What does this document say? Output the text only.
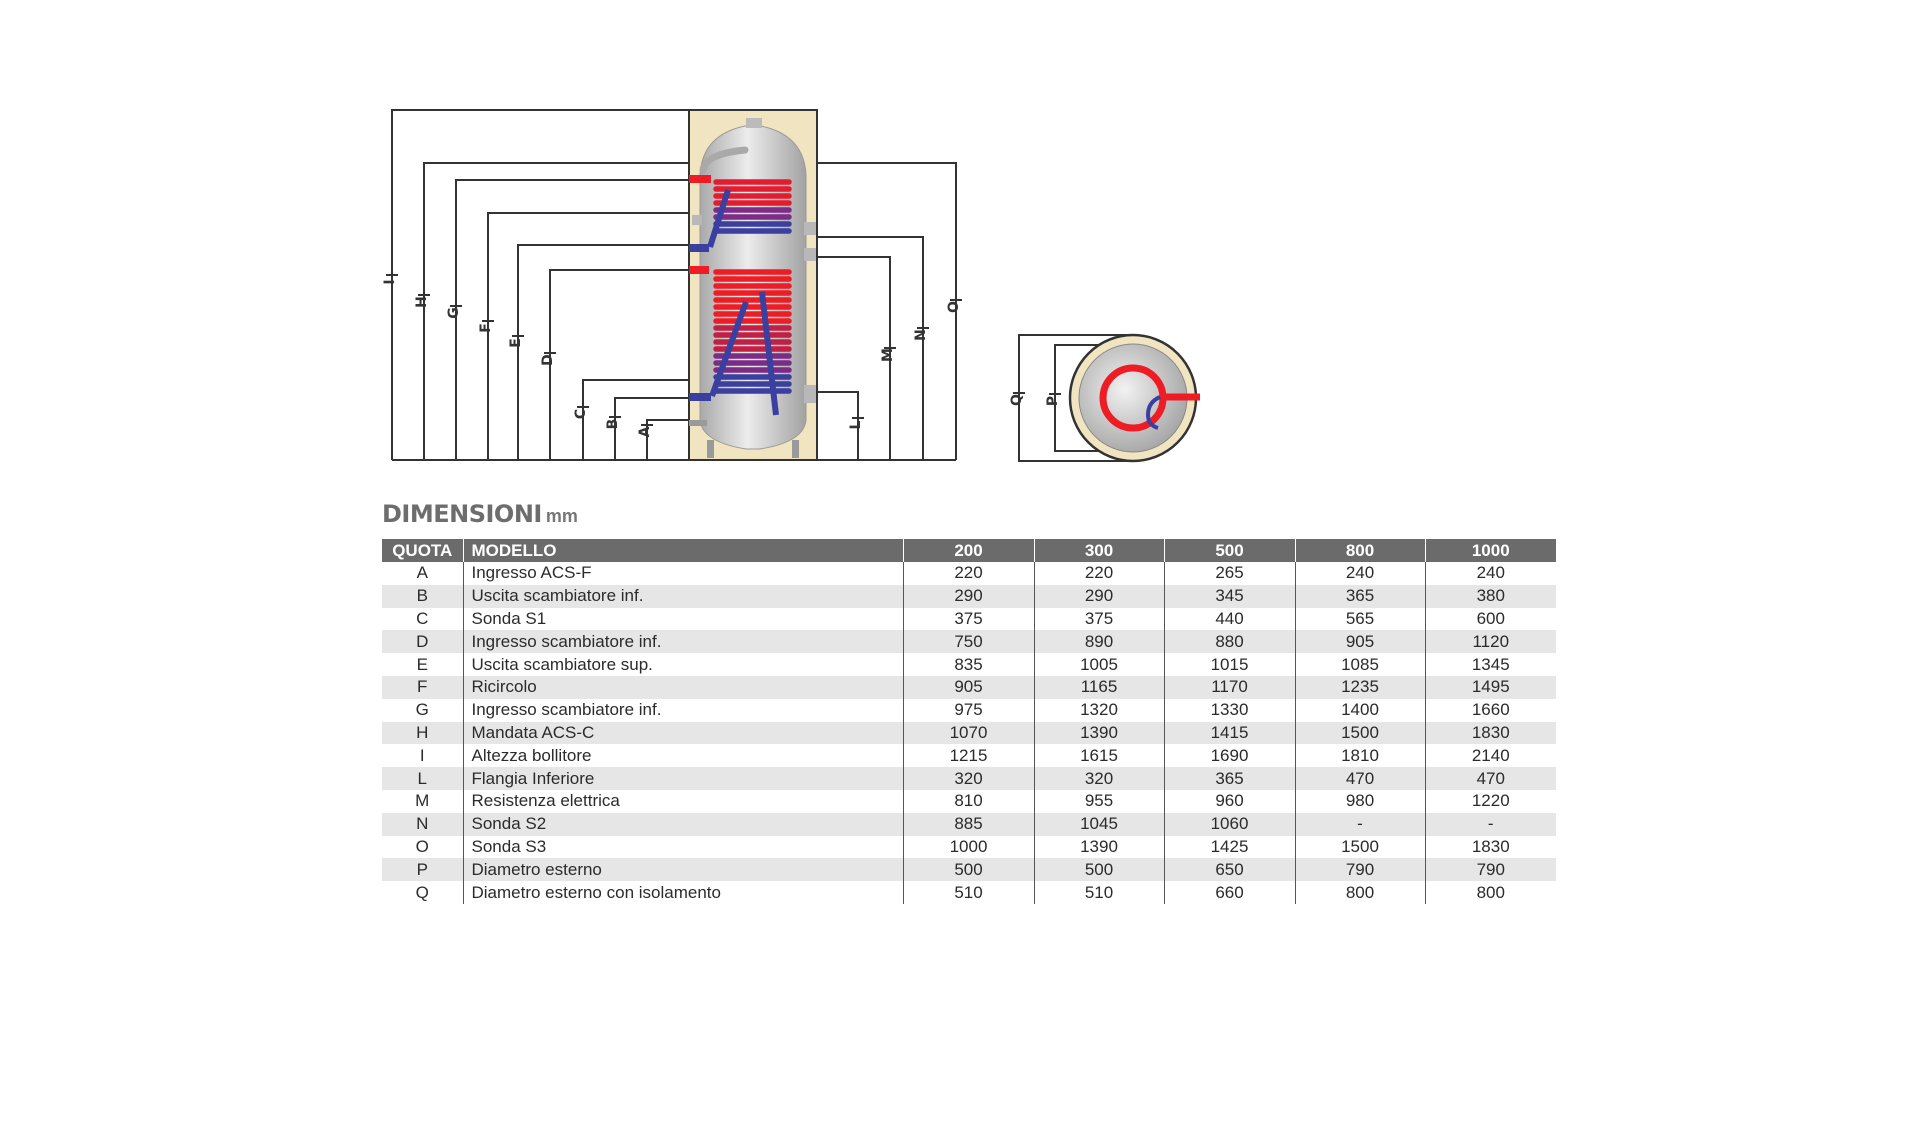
I
H
G
F
E
D
C
B
A
L
M
N
O
Q P
DIMENSIONI mm
QUOTA	MODELLO	200	300	500	800	1000
A	Ingresso ACS-F	220	220	265	240	240
B	Uscita scambiatore inf.	290	290	345	365	380
C	Sonda S1	375	375	440	565	600
D	Ingresso scambiatore inf.	750	890	880	905	1120
E	Uscita scambiatore sup.	835	1005	1015	1085	1345
F	Ricircolo	905	1165	1170	1235	1495
G	Ingresso scambiatore inf.	975	1320	1330	1400	1660
H	Mandata ACS-C	1070	1390	1415	1500	1830
I	Altezza bollitore	1215	1615	1690	1810	2140
L	Flangia Inferiore	320	320	365	470	470
M	Resistenza elettrica	810	955	960	980	1220
N	Sonda S2	885	1045	1060	-	-
O	Sonda S3	1000	1390	1425	1500	1830
P	Diametro esterno	500	500	650	790	790
Q	Diametro esterno con isolamento	510	510	660	800	800
